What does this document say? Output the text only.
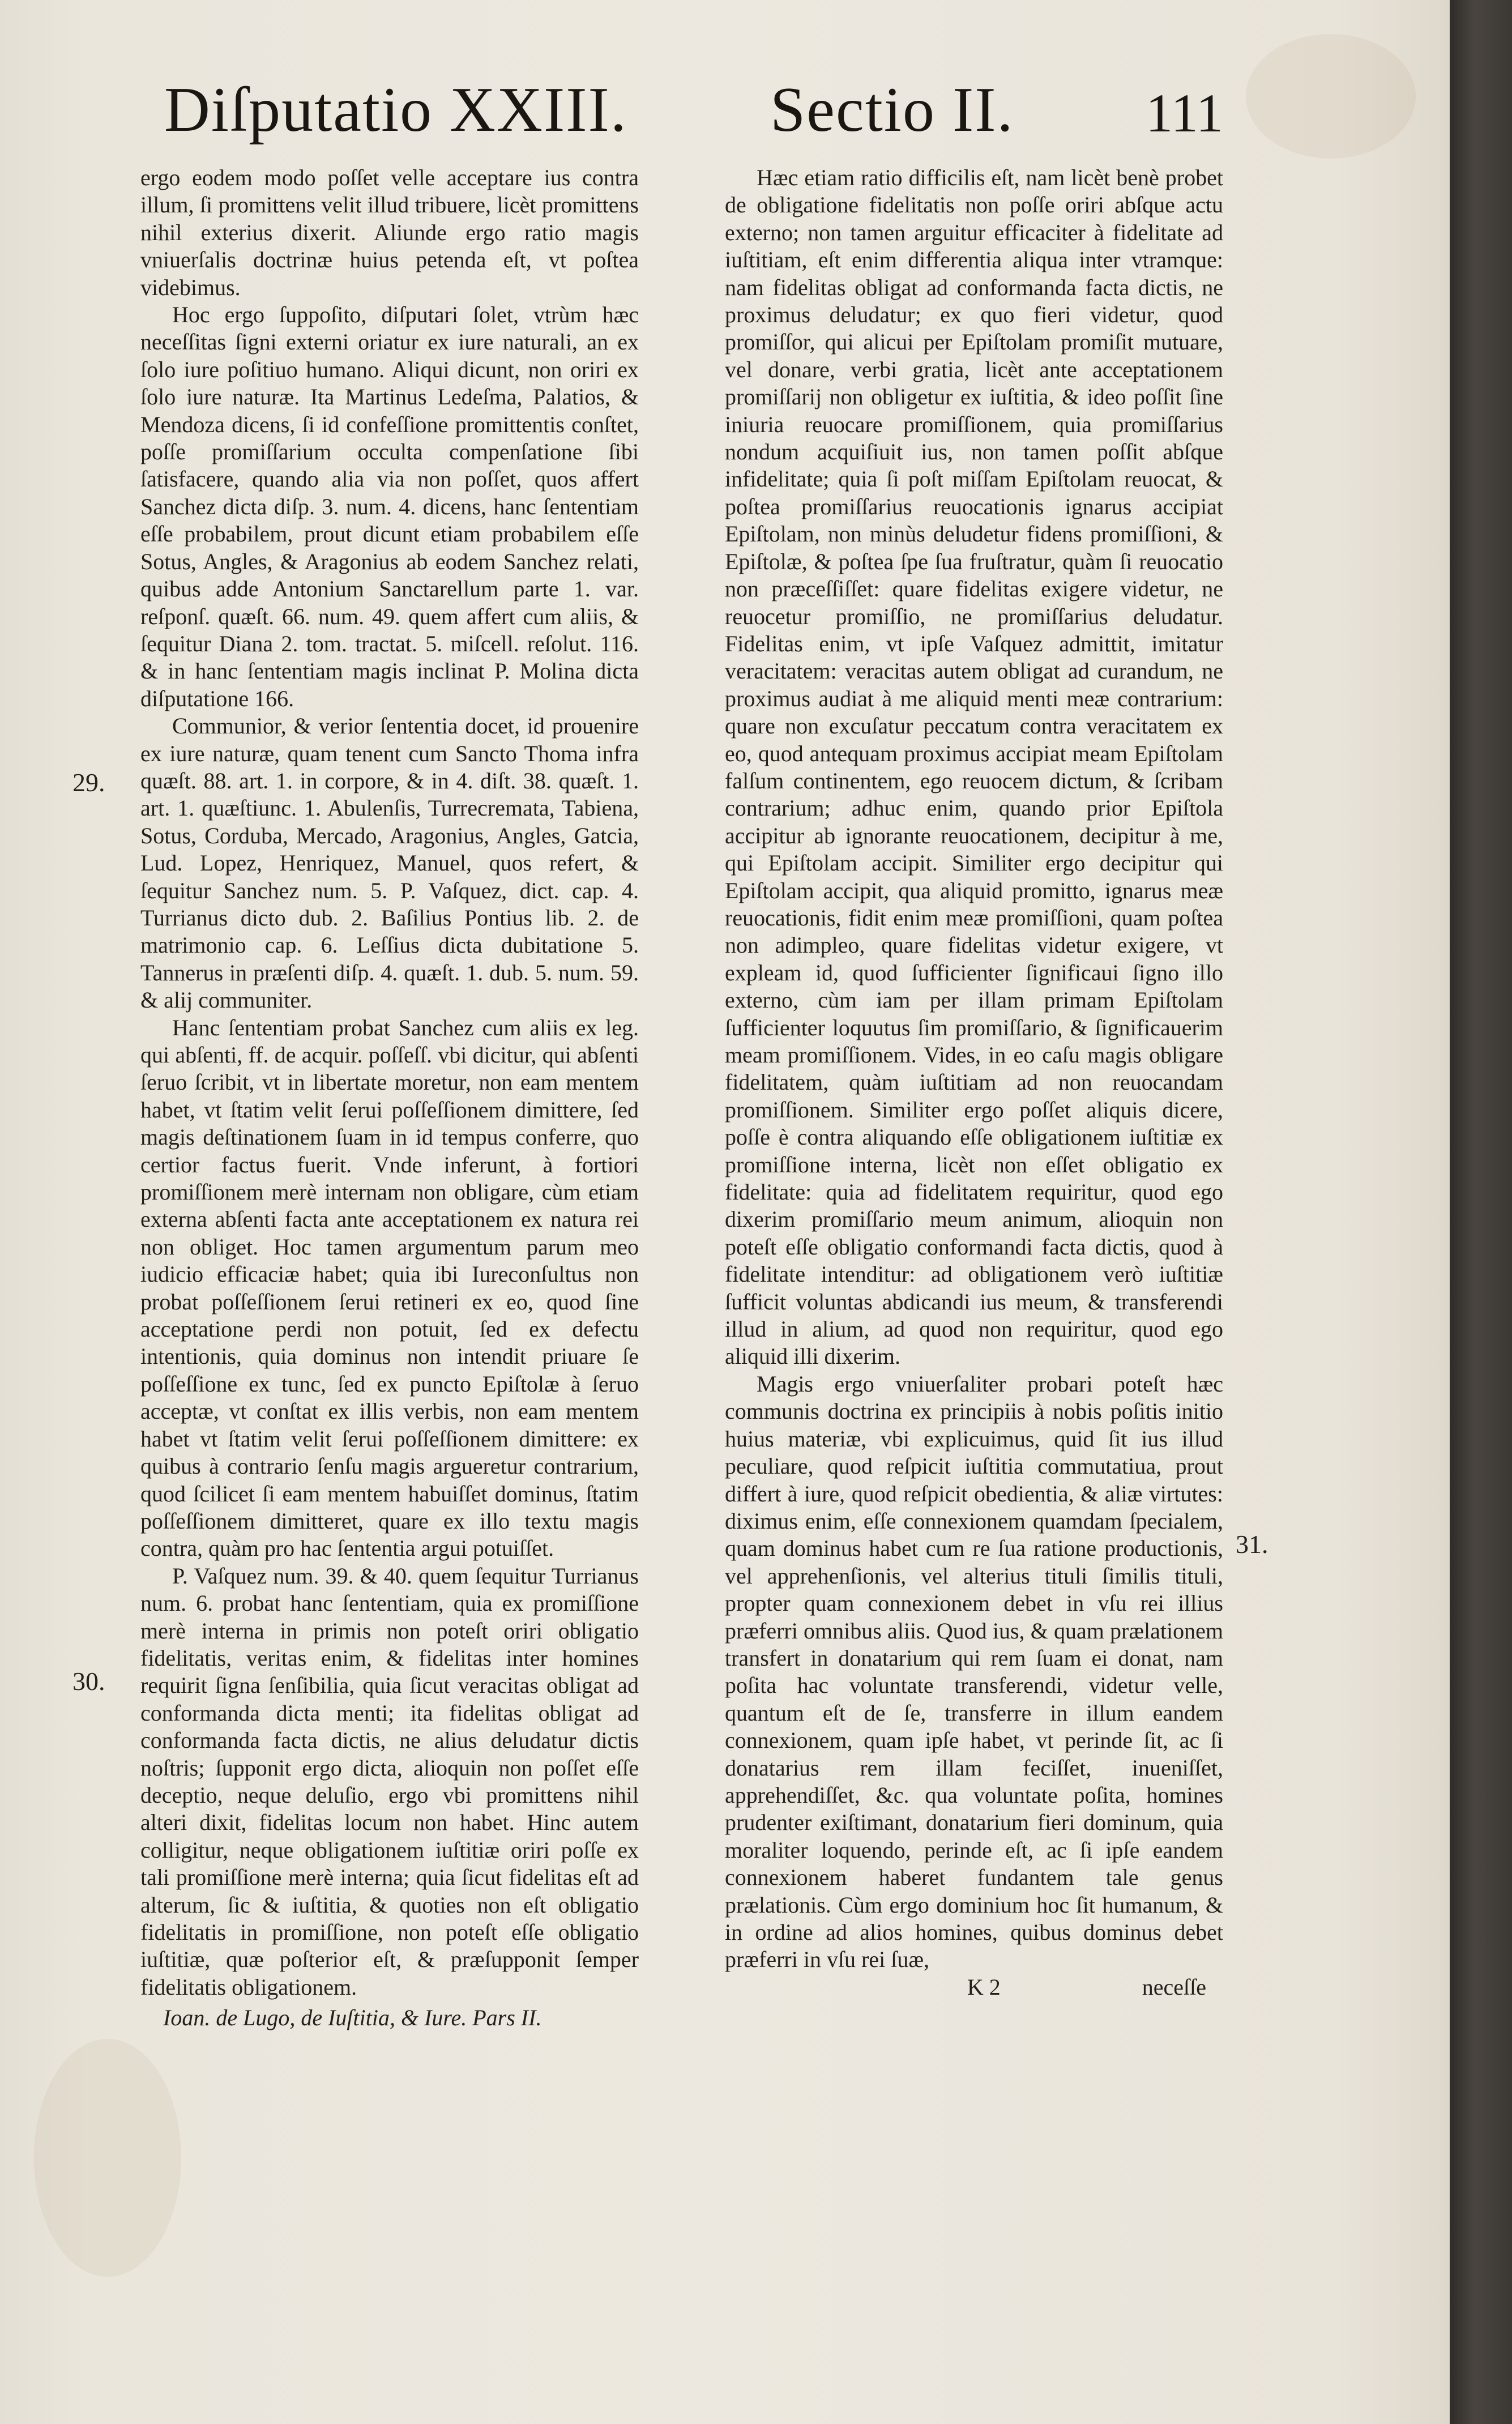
Diſputatio XXIII. Sectio II. 111
29.
30.
31.

ergo eodem modo poſſet velle acceptare ius contra illum, ſi promittens velit illud tribuere, licèt promittens nihil exterius dixerit. Aliunde ergo ratio magis vniuerſalis doctrinæ huius petenda eſt, vt poſtea videbimus.

Hoc ergo ſuppoſito, diſputari ſolet, vtrùm hæc neceſſitas ſigni externi oriatur ex iure naturali, an ex ſolo iure poſitiuo humano. Aliqui dicunt, non oriri ex ſolo iure naturæ. Ita Martinus Ledeſma, Palatios, & Mendoza dicens, ſi id confeſſione promittentis conſtet, poſſe promiſſarium occulta compenſatione ſibi ſatisfacere, quando alia via non poſſet, quos affert Sanchez dicta diſp. 3. num. 4. dicens, hanc ſententiam eſſe probabilem, prout dicunt etiam probabilem eſſe Sotus, Angles, & Aragonius ab eodem Sanchez relati, quibus adde Antonium Sanctarellum parte 1. var. reſponſ. quæſt. 66. num. 49. quem affert cum aliis, & ſequitur Diana 2. tom. tractat. 5. miſcell. reſolut. 116. & in hanc ſententiam magis inclinat P. Molina dicta diſputatione 166.

Communior, & verior ſententia docet, id prouenire ex iure naturæ, quam tenent cum Sancto Thoma infra quæſt. 88. art. 1. in corpore, & in 4. diſt. 38. quæſt. 1. art. 1. quæſtiunc. 1. Abulenſis, Turrecremata, Tabiena, Sotus, Corduba, Mercado, Aragonius, Angles, Gatcia, Lud. Lopez, Henriquez, Manuel, quos refert, & ſequitur Sanchez num. 5. P. Vaſquez, dict. cap. 4. Turrianus dicto dub. 2. Baſilius Pontius lib. 2. de matrimonio cap. 6. Leſſius dicta dubitatione 5. Tannerus in præſenti diſp. 4. quæſt. 1. dub. 5. num. 59. & alij communiter.

Hanc ſententiam probat Sanchez cum aliis ex leg. qui abſenti, ff. de acquir. poſſeſſ. vbi dicitur, qui abſenti ſeruo ſcribit, vt in libertate moretur, non eam mentem habet, vt ſtatim velit ſerui poſſeſſionem dimittere, ſed magis deſtinationem ſuam in id tempus conferre, quo certior factus fuerit. Vnde inferunt, à fortiori promiſſionem merè internam non obligare, cùm etiam externa abſenti facta ante acceptationem ex natura rei non obliget. Hoc tamen argumentum parum meo iudicio efficaciæ habet; quia ibi Iureconſultus non probat poſſeſſionem ſerui retineri ex eo, quod ſine acceptatione perdi non potuit, ſed ex defectu intentionis, quia dominus non intendit priuare ſe poſſeſſione ex tunc, ſed ex puncto Epiſtolæ à ſeruo acceptæ, vt conſtat ex illis verbis, non eam mentem habet vt ſtatim velit ſerui poſſeſſionem dimittere: ex quibus à contrario ſenſu magis argueretur contrarium, quod ſcilicet ſi eam mentem habuiſſet dominus, ſtatim poſſeſſionem dimitteret, quare ex illo textu magis contra, quàm pro hac ſententia argui potuiſſet.

P. Vaſquez num. 39. & 40. quem ſequitur Turrianus num. 6. probat hanc ſententiam, quia ex promiſſione merè interna in primis non poteſt oriri obligatio fidelitatis, veritas enim, & fidelitas inter homines requirit ſigna ſenſibilia, quia ſicut veracitas obligat ad conformanda dicta menti; ita fidelitas obligat ad conformanda facta dictis, ne alius deludatur dictis noſtris; ſupponit ergo dicta, alioquin non poſſet eſſe deceptio, neque deluſio, ergo vbi promittens nihil alteri dixit, fidelitas locum non habet. Hinc autem colligitur, neque obligationem iuſtitiæ oriri poſſe ex tali promiſſione merè interna; quia ſicut fidelitas eſt ad alterum, ſic & iuſtitia, & quoties non eſt obligatio fidelitatis in promiſſione, non poteſt eſſe obligatio iuſtitiæ, quæ poſterior eſt, & præſupponit ſemper fidelitatis obligationem.

Ioan. de Lugo, de Iuſtitia, & Iure. Pars II.

Hæc etiam ratio difficilis eſt, nam licèt benè probet de obligatione fidelitatis non poſſe oriri abſque actu externo; non tamen arguitur efficaciter à fidelitate ad iuſtitiam, eſt enim differentia aliqua inter vtramque: nam fidelitas obligat ad conformanda facta dictis, ne proximus deludatur; ex quo fieri videtur, quod promiſſor, qui alicui per Epiſtolam promiſit mutuare, vel donare, verbi gratia, licèt ante acceptationem promiſſarij non obligetur ex iuſtitia, & ideo poſſit ſine iniuria reuocare promiſſionem, quia promiſſarius nondum acquiſiuit ius, non tamen poſſit abſque infidelitate; quia ſi poſt miſſam Epiſtolam reuocat, & poſtea promiſſarius reuocationis ignarus accipiat Epiſtolam, non minùs deludetur fidens promiſſioni, & Epiſtolæ, & poſtea ſpe ſua fruſtratur, quàm ſi reuocatio non præceſſiſſet: quare fidelitas exigere videtur, ne reuocetur promiſſio, ne promiſſarius deludatur. Fidelitas enim, vt ipſe Vaſquez admittit, imitatur veracitatem: veracitas autem obligat ad curandum, ne proximus audiat à me aliquid menti meæ contrarium: quare non excuſatur peccatum contra veracitatem ex eo, quod antequam proximus accipiat meam Epiſtolam falſum continentem, ego reuocem dictum, & ſcribam contrarium; adhuc enim, quando prior Epiſtola accipitur ab ignorante reuocationem, decipitur à me, qui Epiſtolam accipit. Similiter ergo decipitur qui Epiſtolam accipit, qua aliquid promitto, ignarus meæ reuocationis, fidit enim meæ promiſſioni, quam poſtea non adimpleo, quare fidelitas videtur exigere, vt expleam id, quod ſufficienter ſignificaui ſigno illo externo, cùm iam per illam primam Epiſtolam ſufficienter loquutus ſim promiſſario, & ſignificauerim meam promiſſionem. Vides, in eo caſu magis obligare fidelitatem, quàm iuſtitiam ad non reuocandam promiſſionem. Similiter ergo poſſet aliquis dicere, poſſe è contra aliquando eſſe obligationem iuſtitiæ ex promiſſione interna, licèt non eſſet obligatio ex fidelitate: quia ad fidelitatem requiritur, quod ego dixerim promiſſario meum animum, alioquin non poteſt eſſe obligatio conformandi facta dictis, quod à fidelitate intenditur: ad obligationem verò iuſtitiæ ſufficit voluntas abdicandi ius meum, & transferendi illud in alium, ad quod non requiritur, quod ego aliquid illi dixerim.

Magis ergo vniuerſaliter probari poteſt hæc communis doctrina ex principiis à nobis poſitis initio huius materiæ, vbi explicuimus, quid ſit ius illud peculiare, quod reſpicit iuſtitia commutatiua, prout differt à iure, quod reſpicit obedientia, & aliæ virtutes: diximus enim, eſſe connexionem quamdam ſpecialem, quam dominus habet cum re ſua ratione productionis, vel apprehenſionis, vel alterius tituli ſimilis tituli, propter quam connexionem debet in vſu rei illius præferri omnibus aliis. Quod ius, & quam prælationem transfert in donatarium qui rem ſuam ei donat, nam poſita hac voluntate transferendi, videtur velle, quantum eſt de ſe, transferre in illum eandem connexionem, quam ipſe habet, vt perinde ſit, ac ſi donatarius rem illam feciſſet, inueniſſet, apprehendiſſet, &c. qua voluntate poſita, homines prudenter exiſtimant, donatarium fieri dominum, quia moraliter loquendo, perinde eſt, ac ſi ipſe eandem connexionem haberet fundantem tale genus prælationis. Cùm ergo dominium hoc ſit humanum, & in ordine ad alios homines, quibus dominus debet præferri in vſu rei ſuæ,

K 2	neceſſe
